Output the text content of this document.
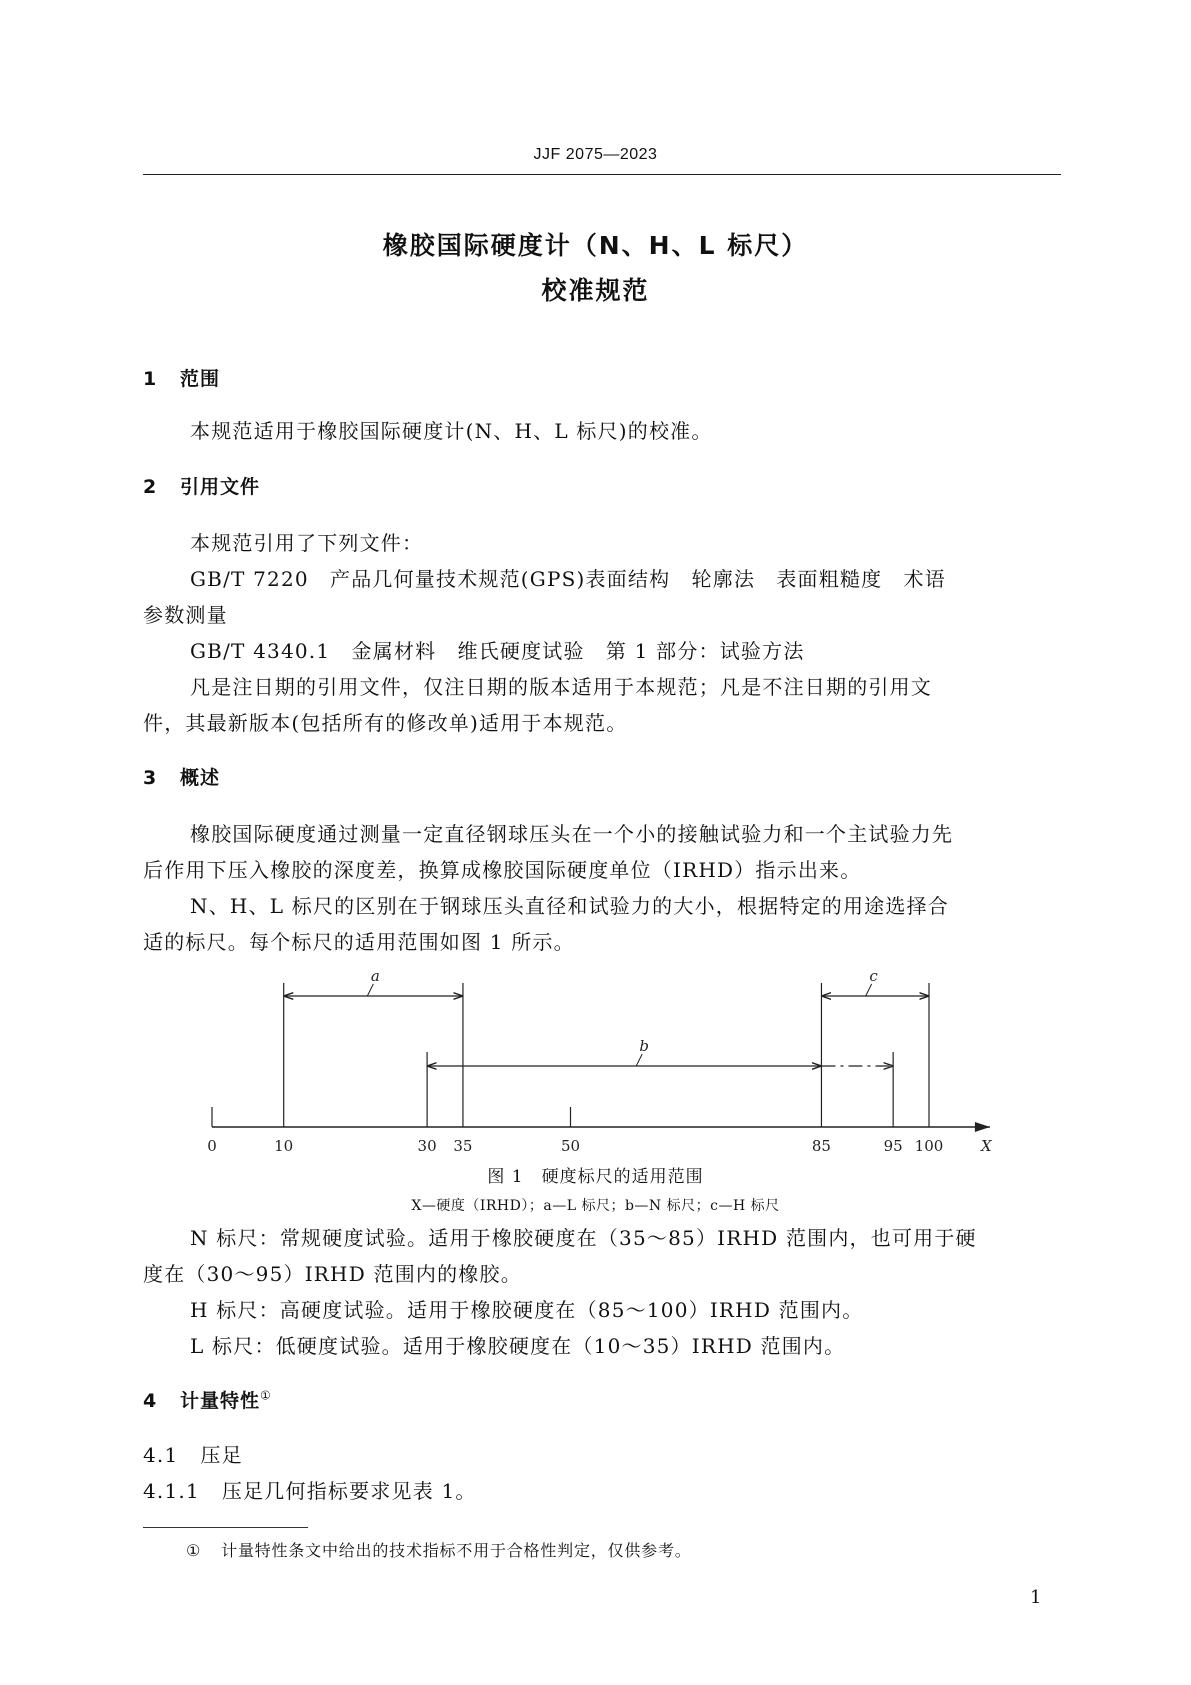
JJF 2075—2023
橡胶国际硬度计（N、H、L 标尺）
校准规范
1 范围
本规范适用于橡胶国际硬度计(N、H、L 标尺)的校准。
2 引用文件
本规范引用了下列文件：
GB/T 7220　产品几何量技术规范(GPS)表面结构　轮廓法　表面粗糙度　术语
参数测量
GB/T 4340.1　金属材料　维氏硬度试验　第 1 部分：试验方法
凡是注日期的引用文件，仅注日期的版本适用于本规范；凡是不注日期的引用文
件，其最新版本(包括所有的修改单)适用于本规范。
3 概述
橡胶国际硬度通过测量一定直径钢球压头在一个小的接触试验力和一个主试验力先
后作用下压入橡胶的深度差，换算成橡胶国际硬度单位（IRHD）指示出来。
N、H、L 标尺的区别在于钢球压头直径和试验力的大小，根据特定的用途选择合
适的标尺。每个标尺的适用范围如图 1 所示。
0	10	30 35	50	85	95 100
a
b
c
X
图 1　硬度标尺的适用范围
X—硬度（IRHD）；a—L 标尺；b—N 标尺；c—H 标尺
N 标尺：常规硬度试验。适用于橡胶硬度在（35～85）IRHD 范围内，也可用于硬
度在（30～95）IRHD 范围内的橡胶。
H 标尺：高硬度试验。适用于橡胶硬度在（85～100）IRHD 范围内。
L 标尺：低硬度试验。适用于橡胶硬度在（10～35）IRHD 范围内。
4 计量特性①
4.1 压足
4.1.1 压足几何指标要求见表 1。
① 计量特性条文中给出的技术指标不用于合格性判定，仅供参考。
1
